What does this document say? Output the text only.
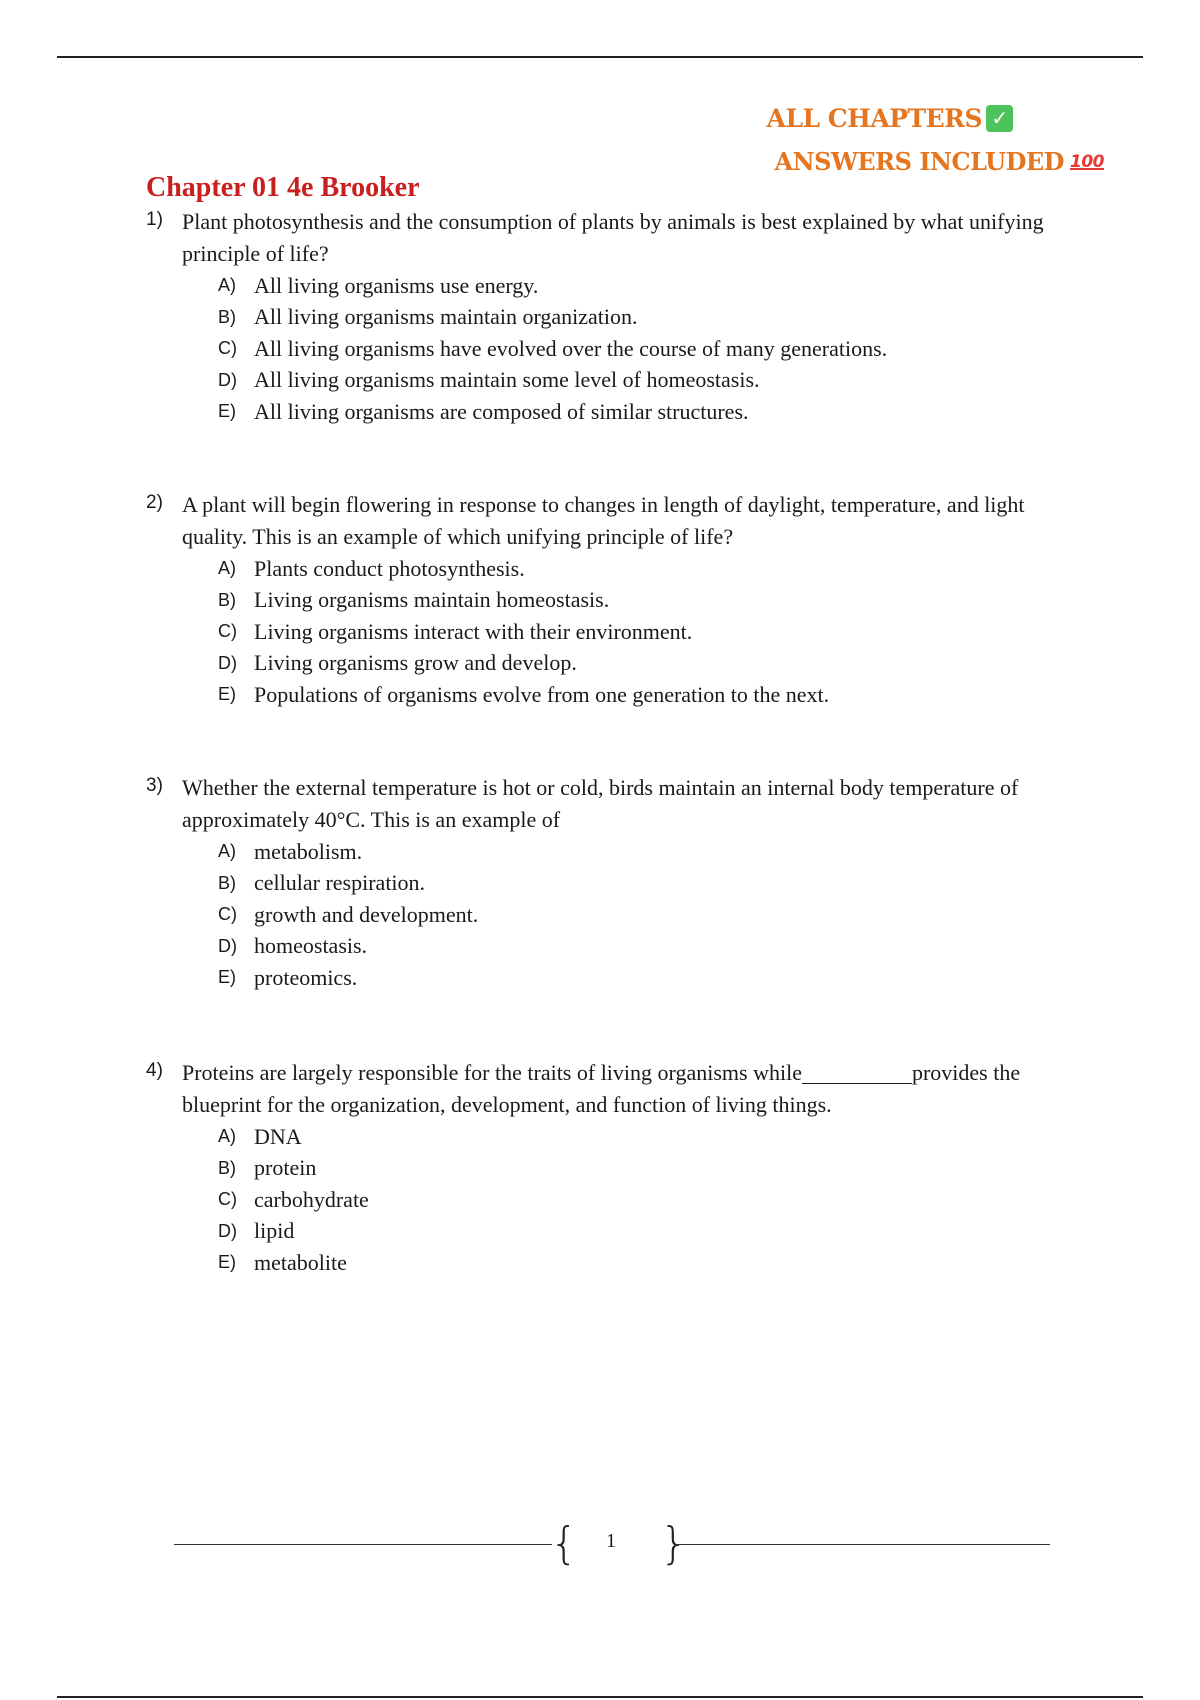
ALL CHAPTERS ✓
ANSWERS INCLUDED 100
Chapter 01 4e Brooker
1) Plant photosynthesis and the consumption of plants by animals is best explained by what unifying principle of life?
A) All living organisms use energy.
B) All living organisms maintain organization.
C) All living organisms have evolved over the course of many generations.
D) All living organisms maintain some level of homeostasis.
E) All living organisms are composed of similar structures.
2) A plant will begin flowering in response to changes in length of daylight, temperature, and light quality. This is an example of which unifying principle of life?
A) Plants conduct photosynthesis.
B) Living organisms maintain homeostasis.
C) Living organisms interact with their environment.
D) Living organisms grow and develop.
E) Populations of organisms evolve from one generation to the next.
3) Whether the external temperature is hot or cold, birds maintain an internal body temperature of approximately 40°C. This is an example of
A) metabolism.
B) cellular respiration.
C) growth and development.
D) homeostasis.
E) proteomics.
4) Proteins are largely responsible for the traits of living organisms while	provides the blueprint for the organization, development, and function of living things.
A) DNA
B) protein
C) carbohydrate
D) lipid
E) metabolite
{ 1 }
